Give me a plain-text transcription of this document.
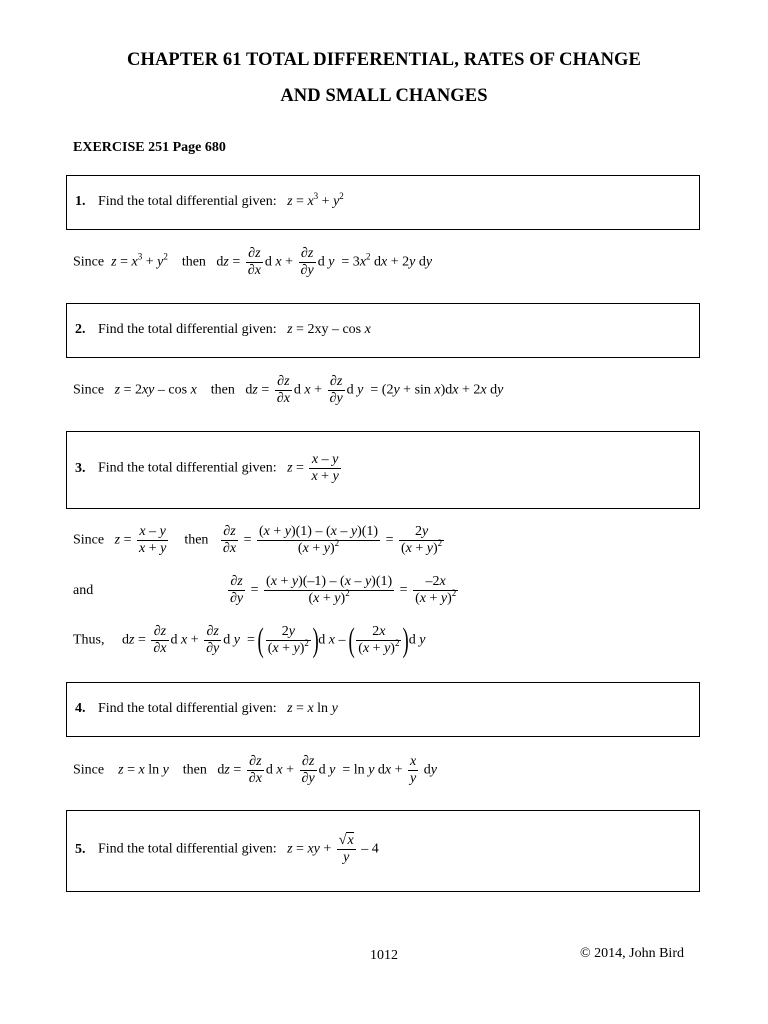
CHAPTER 61 TOTAL DIFFERENTIAL, RATES OF CHANGE
AND SMALL CHANGES
EXERCISE 251 Page 680
1. Find the total differential given: $z = x^3 + y^2$
Since $z = x^3 + y^2$ then   dz = $\frac{\partial z}{\partial x}$ d $x + \frac{\partial z}{\partial y}$ d $y = 3x^2$ dx + 2y dy
2. Find the total differential given: z = 2xy – cos x
Since z = 2xy – cos x then   dz = $\frac{\partial z}{\partial x}$ d $x + \frac{\partial z}{\partial y}$ d y  = (2y + sin x)dx + 2x dy
3. Find the total differential given: $z = \frac{x - y}{x + y}$
Since $z = \frac{x - y}{x + y}$ then $\frac{\partial z}{\partial x} = \frac{(x + y)(1) - (x - y)(1)}{(x + y)^2} = \frac{2y}{(x + y)^2}$
and	$\frac{\partial z}{\partial y} = \frac{(x + y)(-1) - (x - y)(1)}{(x + y)^2} = \frac{-2x}{(x + y)^2}$
Thus,     dz = $\frac{\partial z}{\partial x}$ d $x + \frac{\partial z}{\partial y}$ d y  = ( $\frac{2y}{(x + y)^2} )d$ x – ( $\frac{2x}{(x + y)^2} )d$ y
4. Find the total differential given: z = x ln y
Since z = x ln y then   dz = $\frac{\partial z}{\partial x}$ d $x + \frac{\partial z}{\partial y}$ d y  = ln y dx + $\frac{x}{y}$ dy
5. Find the total differential given: z = xy + $\frac{√x}{y} - 4$
1012	© 2014, John Bird
